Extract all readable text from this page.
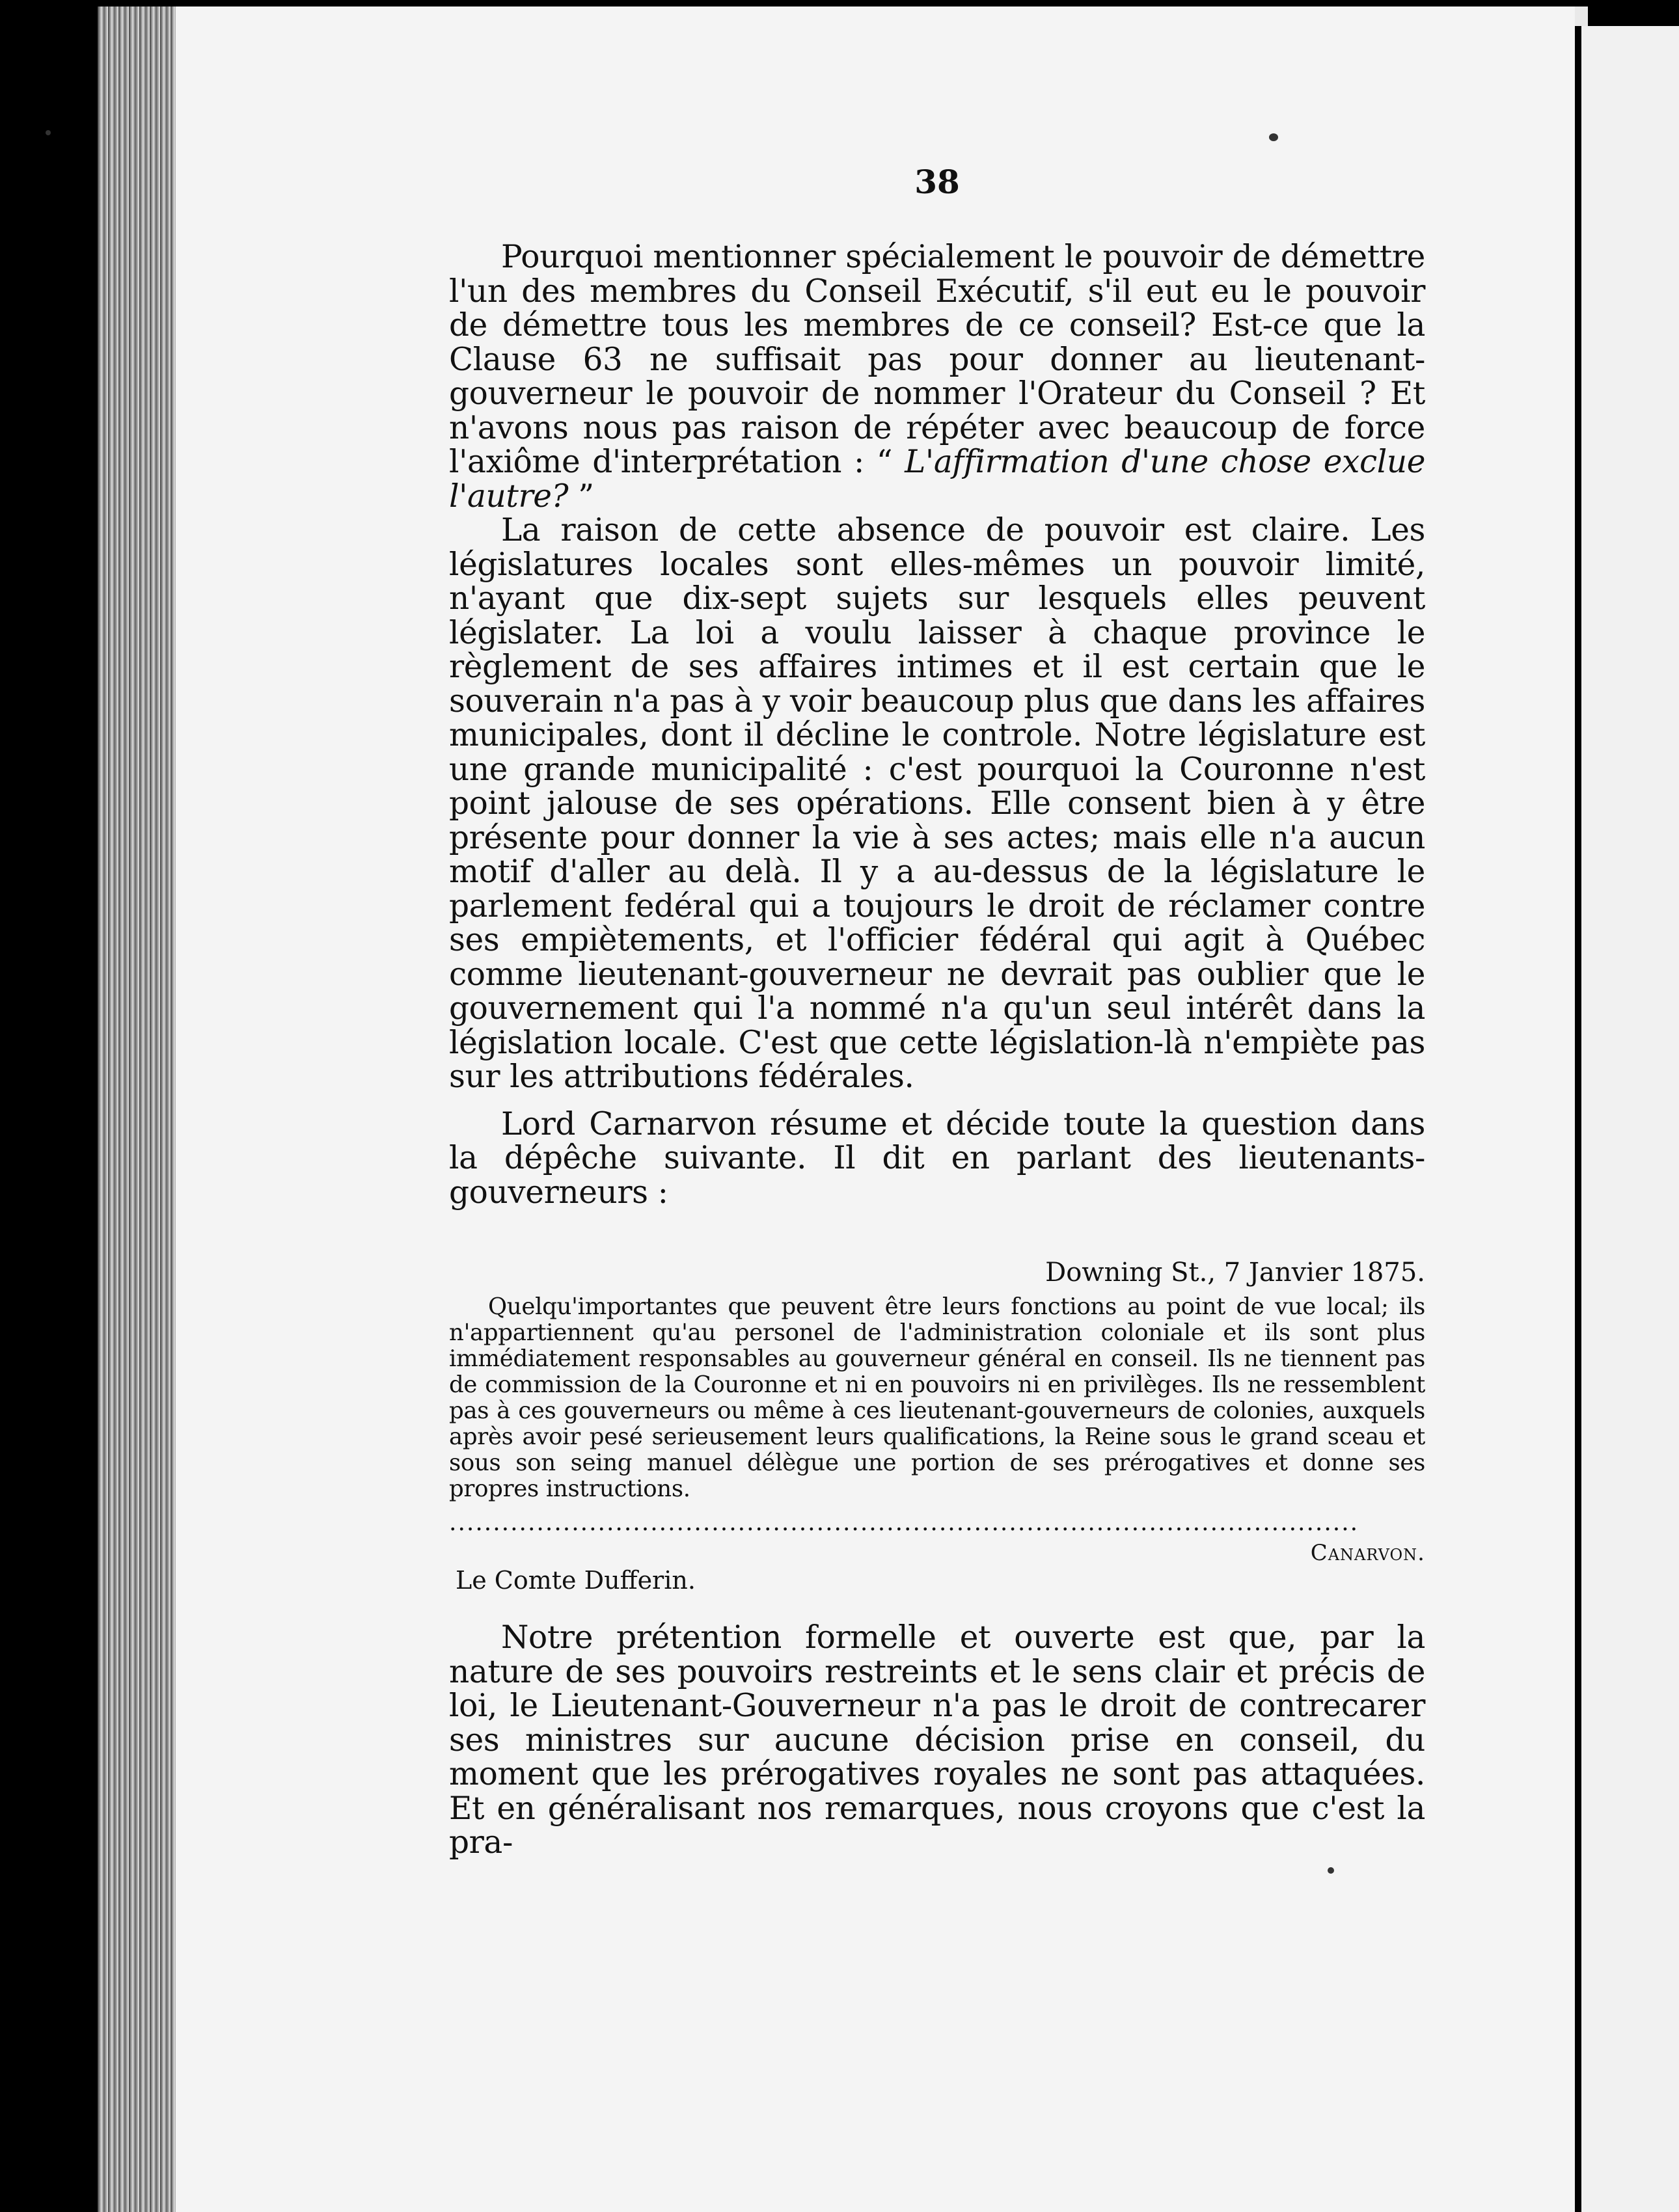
38

Pourquoi mentionner spécialement le pouvoir de démettre l'un des membres du Conseil Exécutif, s'il eut eu le pouvoir de démettre tous les membres de ce conseil? Est-ce que la Clause 63 ne suffisait pas pour donner au lieutenant-gouverneur le pouvoir de nommer l'Orateur du Conseil ? Et n'avons nous pas raison de répéter avec beaucoup de force l'axiôme d'interprétation : “ L'affirmation d'une chose exclue l'autre? ”

La raison de cette absence de pouvoir est claire. Les législatures locales sont elles-mêmes un pouvoir limité, n'ayant que dix-sept sujets sur lesquels elles peuvent législater. La loi a voulu laisser à chaque province le règlement de ses affaires intimes et il est certain que le souverain n'a pas à y voir beaucoup plus que dans les affaires municipales, dont il décline le controle. Notre législature est une grande municipalité : c'est pourquoi la Couronne n'est point jalouse de ses opérations. Elle consent bien à y être présente pour donner la vie à ses actes; mais elle n'a aucun motif d'aller au delà. Il y a au-dessus de la législature le parlement fedéral qui a toujours le droit de réclamer contre ses empiètements, et l'officier fédéral qui agit à Québec comme lieutenant-gouverneur ne devrait pas oublier que le gouvernement qui l'a nommé n'a qu'un seul intérêt dans la législation locale. C'est que cette législation-là n'empiète pas sur les attributions fédérales.

Lord Carnarvon résume et décide toute la question dans la dépêche suivante. Il dit en parlant des lieutenants-gouverneurs :

Downing St., 7 Janvier 1875.

Quelqu'importantes que peuvent être leurs fonctions au point de vue local; ils n'appartiennent qu'au personel de l'administration coloniale et ils sont plus immédiatement responsables au gouverneur général en conseil. Ils ne tiennent pas de commission de la Couronne et ni en pouvoirs ni en privilèges. Ils ne ressemblent pas à ces gouverneurs ou même à ces lieutenant-gouverneurs de colonies, auxquels après avoir pesé serieusement leurs qualifications, la Reine sous le grand sceau et sous son seing manuel délègue une portion de ses prérogatives et donne ses propres instructions.

........................................................................................................
Canarvon.
Le Comte Dufferin.

Notre prétention formelle et ouverte est que, par la nature de ses pouvoirs restreints et le sens clair et précis de loi, le Lieutenant-Gouverneur n'a pas le droit de contrecarer ses ministres sur aucune décision prise en conseil, du moment que les prérogatives royales ne sont pas attaquées. Et en généralisant nos remarques, nous croyons que c'est la pra-
